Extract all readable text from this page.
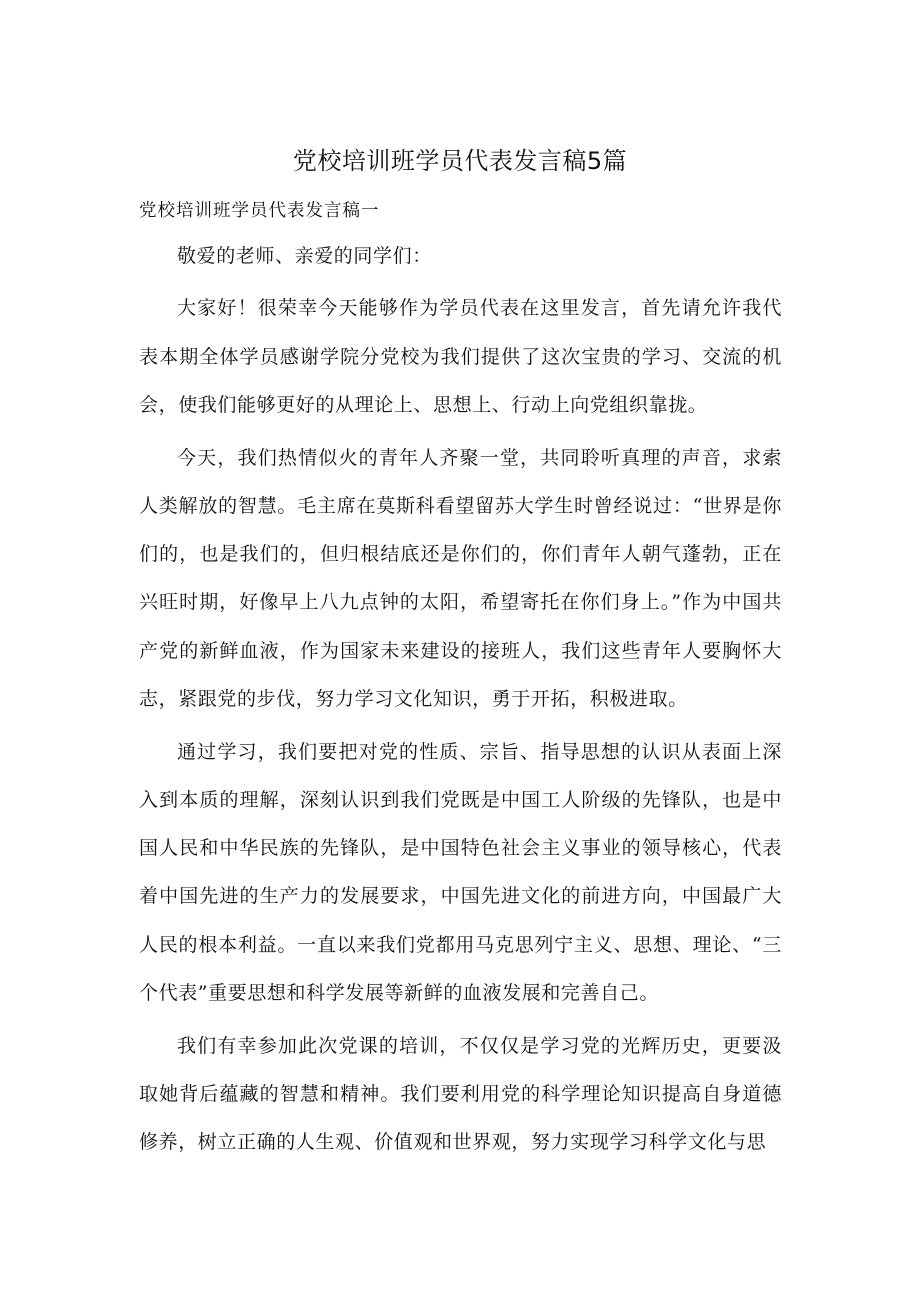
党校培训班学员代表发言稿5篇

党校培训班学员代表发言稿一

敬爱的老师、亲爱的同学们：

大家好！很荣幸今天能够作为学员代表在这里发言，首先请允许我代表本期全体学员感谢学院分党校为我们提供了这次宝贵的学习、交流的机会，使我们能够更好的从理论上、思想上、行动上向党组织靠拢。

今天，我们热情似火的青年人齐聚一堂，共同聆听真理的声音，求索人类解放的智慧。毛主席在莫斯科看望留苏大学生时曾经说过：“世界是你们的，也是我们的，但归根结底还是你们的，你们青年人朝气蓬勃，正在兴旺时期，好像早上八九点钟的太阳，希望寄托在你们身上。”作为中国共产党的新鲜血液，作为国家未来建设的接班人，我们这些青年人要胸怀大志，紧跟党的步伐，努力学习文化知识，勇于开拓，积极进取。

通过学习，我们要把对党的性质、宗旨、指导思想的认识从表面上深入到本质的理解，深刻认识到我们党既是中国工人阶级的先锋队，也是中国人民和中华民族的先锋队，是中国特色社会主义事业的领导核心，代表着中国先进的生产力的发展要求，中国先进文化的前进方向，中国最广大人民的根本利益。一直以来我们党都用马克思列宁主义、思想、理论、“三个代表”重要思想和科学发展等新鲜的血液发展和完善自己。

我们有幸参加此次党课的培训，不仅仅是学习党的光辉历史，更要汲取她背后蕴藏的智慧和精神。我们要利用党的科学理论知识提高自身道德修养，树立正确的人生观、价值观和世界观，努力实现学习科学文化与思
